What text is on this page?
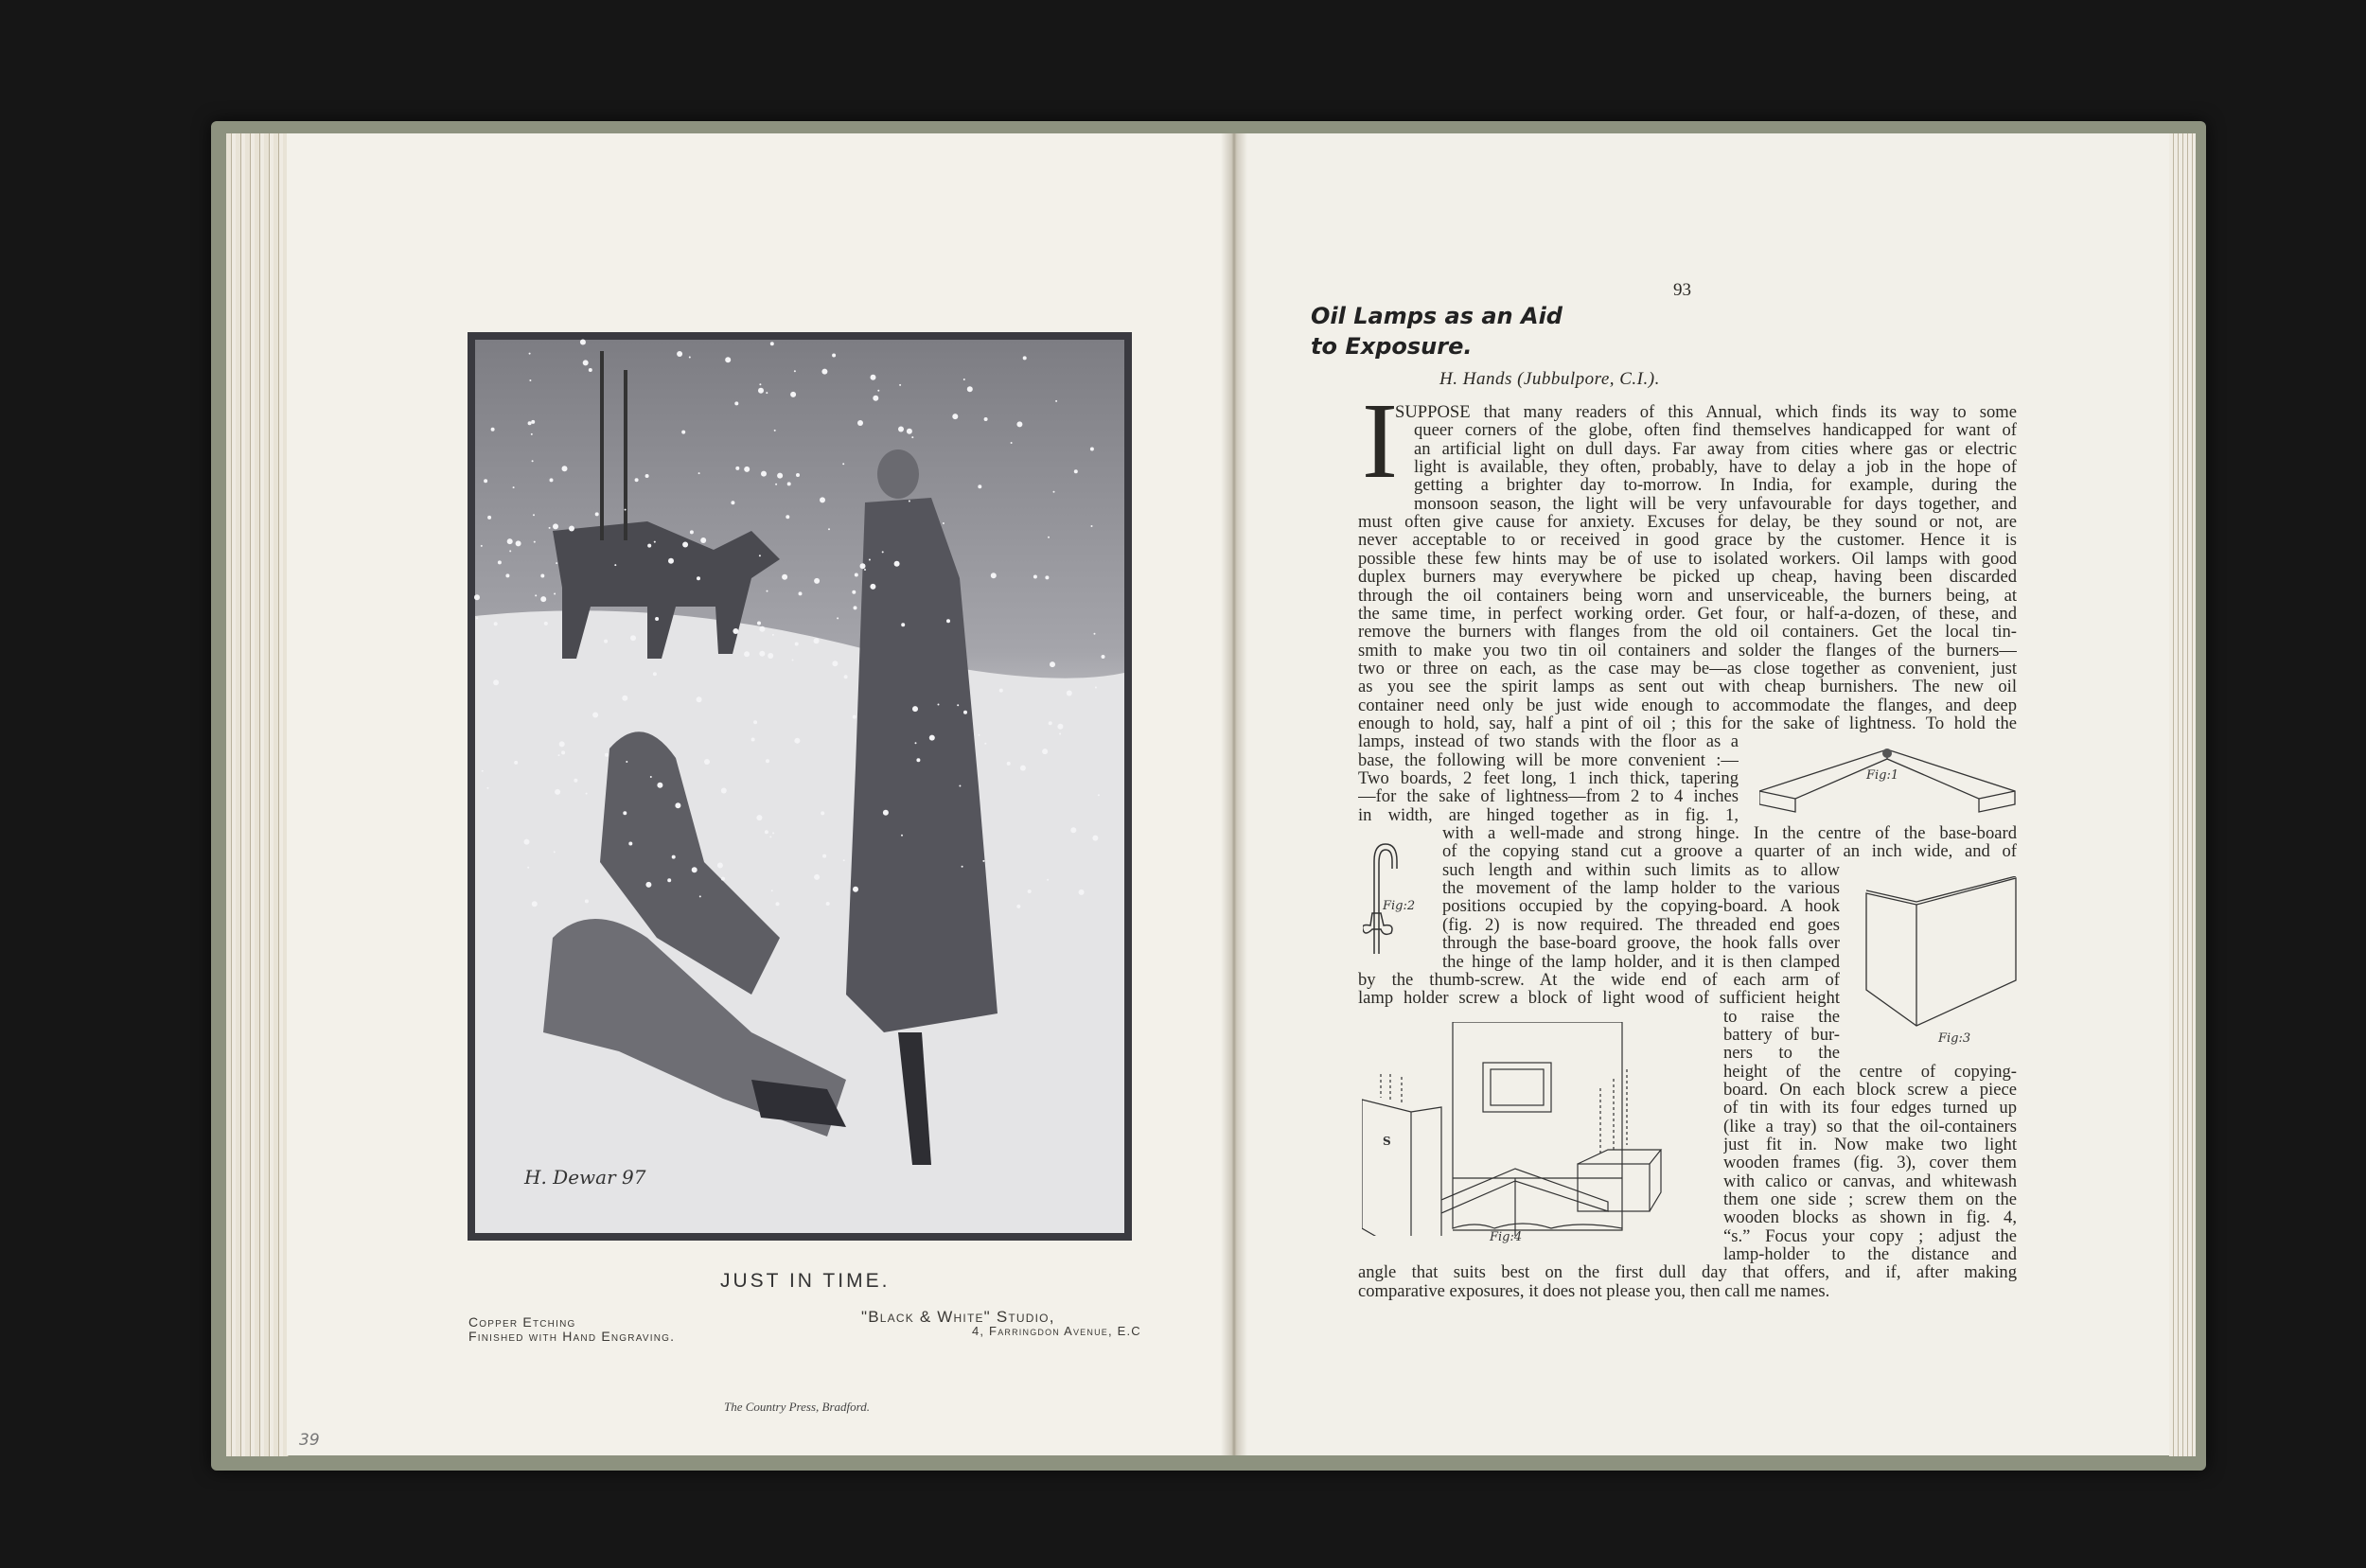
H. Dewar 97
JUST IN TIME.
Copper Etching
Finished with Hand Engraving.
"Black & White" Studio,
4, Farringdon Avenue, E.C
The Country Press, Bradford.
39
93
Oil Lamps as an Aid
to Exposure.
H. Hands (Jubbulpore, C.I.).
I
SUPPOSE that many readers of this Annual, which finds its way to some
queer corners of the globe, often find themselves handicapped for want of
an artificial light on dull days. Far away from cities where gas or electric
light is available, they often, probably, have to delay a job in the hope of
getting a brighter day to-morrow. In India, for example, during the
monsoon season, the light will be very unfavourable for days together, and
must often give cause for anxiety. Excuses for delay, be they sound or not, are
never acceptable to or received in good grace by the customer. Hence it is
possible these few hints may be of use to isolated workers. Oil lamps with good
duplex burners may everywhere be picked up cheap, having been discarded
through the oil containers being worn and unserviceable, the burners being, at
the same time, in perfect working order. Get four, or half-a-dozen, of these, and
remove the burners with flanges from the old oil containers. Get the local tin-
smith to make you two tin oil containers and solder the flanges of the burners—
two or three on each, as the case may be—as close together as convenient, just
as you see the spirit lamps as sent out with cheap burnishers. The new oil
container need only be just wide enough to accommodate the flanges, and deep
enough to hold, say, half a pint of oil ; this for the sake of lightness. To hold the
lamps, instead of two stands with the floor as a
base, the following will be more convenient :—
Two boards, 2 feet long, 1 inch thick, tapering
—for the sake of lightness—from 2 to 4 inches
in width, are hinged together as in fig. 1,
with a well-made and strong hinge. In the centre of the base-board
of the copying stand cut a groove a quarter of an inch wide, and of
such length and within such limits as to allow
the movement of the lamp holder to the various
positions occupied by the copying-board. A hook
(fig. 2) is now required. The threaded end goes
through the base-board groove, the hook falls over
the hinge of the lamp holder, and it is then clamped
by the thumb-screw. At the wide end of each arm of
lamp holder screw a block of light wood of sufficient height
to raise the
battery of bur-
ners to the
height of the centre of copying-
board. On each block screw a piece
of tin with its four edges turned up
(like a tray) so that the oil-containers
just fit in. Now make two light
wooden frames (fig. 3), cover them
with calico or canvas, and whitewash
them one side ; screw them on the
wooden blocks as shown in fig. 4,
“s.” Focus your copy ; adjust the
lamp-holder to the distance and
angle that suits best on the first dull day that offers, and if, after making
comparative exposures, it does not please you, then call me names.
Fig:1
Fig:2
Fig:3
S
Fig:4
